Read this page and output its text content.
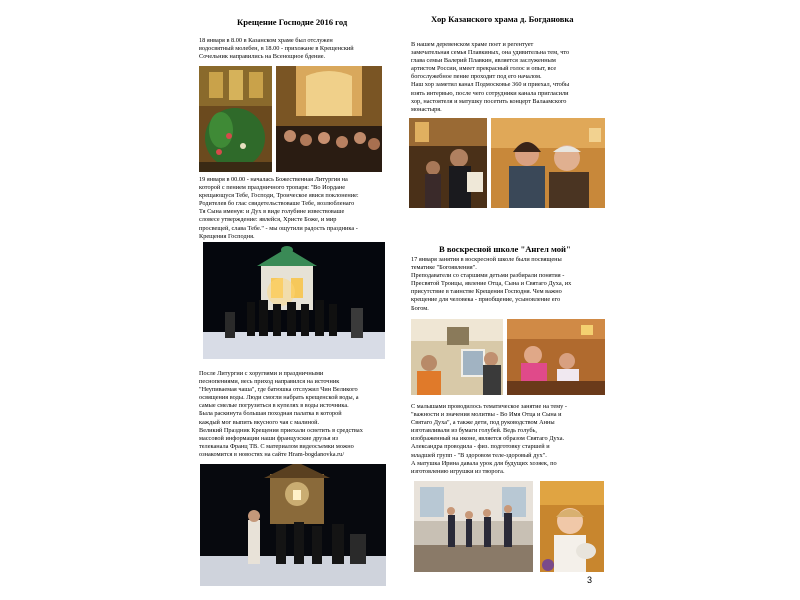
Крещение Господне 2016 год
18 января в 8.00 в Казанском храме был отслужен
водосвятный молебен, в 18.00 - прихожане в Крещенский
Сочельник направились на Всенощное бдение.
19 января в 00.00 - началась Божественная Литургия на
которой с пением праздничного тропаря: "Во Иордане
крещающуся Тебе, Господи, Троическое явися поклонение:
Родителев бо глас свидетельствоваше Тебе, возлюбленаго
Тя Сына именуя: и Дух в виде голубине извествоваше
словесе утверждение: явлейся, Христе Боже, и мир
просвещей, слава Тебе." - мы ощутили радость праздника -
Крещения Господня.
После Литургии с хоругвями и праздничными
песнопениями, весь приход направился на источник
"Неупиваемая чаша", где батюшка отслужил Чин Великого
освящения воды. Люди смогли набрать крещенской воды, а
самые смелые погрузиться в купелях в воды источника.
Была раскинута большая походная палатка в которой
каждый мог выпить вкусного чая с малиной.
Великий Праздник Крещения приехали осветить в средствах
массовой информации наши французские друзья из
телеканала Франц ТВ. С материалом видеосъемки можно
ознакомится в новостях на сайте Hram-bogdanovka.ru/
Хор Казанского храма д. Богдановка
В нашем деревенском храме поет и регентует
замечательная семья Плавкиных, она удивительна тем, что
глава семьи Валерий Плавкин, является заслуженным
артистом России, имеет прекрасный голос и опыт, все
богослужебное пение проходит под его началом.
Наш хор заметил канал Подмосковье 360 и приехал, чтобы
взять интервью, после чего сотрудники канала пригласили
хор, настоятеля и матушку посетить концерт Валаамского
монастыря.
В воскресной школе "Ангел мой"
17 января занятия в воскресной школе были посвящены
тематике "Богоявления".
Преподаватели со старшими детьми разбирали понятия -
Пресвятой Троицы, явление Отца, Сына и Святаго Духа, их
присутствие в таинстве Крещения Господня. Чем важно
крещение для человека - приобщение, усыновление его
Богом.
С малышами проводилось тематическое занятие на тему -
"важности и значения молитвы - Во Имя Отца и Сына и
Святаго Духа", а также дети, под руководством Анны
изготавливали из бумаги голубей. Ведь голубь,
изображенный на иконе, является образом Святаго Духа.
Александра проводила - физ. подготовку старшей и
младшей групп - "В здоровом теле-здоровый дух".
А матушка Ирина давала урок для будущих хозяек, по
изготовлению игрушки из творога.
3
